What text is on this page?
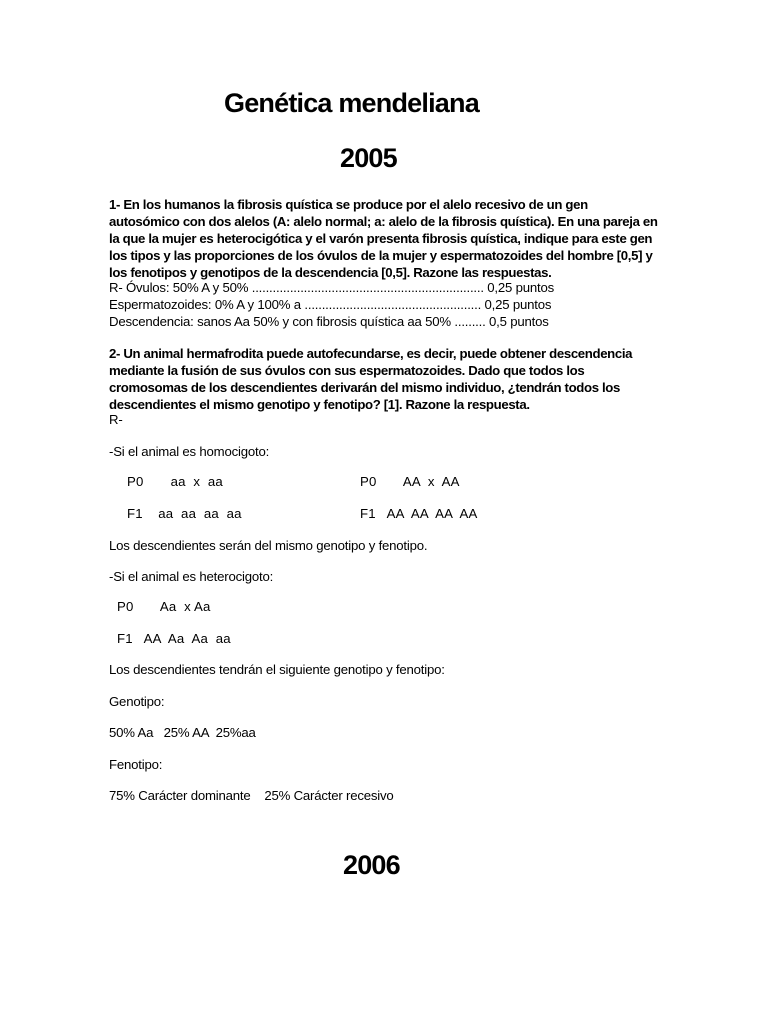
Genética mendeliana
2005

1- En los humanos la fibrosis quística se produce por el alelo recesivo de un gen autosómico con dos alelos (A: alelo normal; a: alelo de la fibrosis quística). En una pareja en la que la mujer es heterocigótica y el varón presenta fibrosis quística, indique para este gen los tipos y las proporciones de los óvulos de la mujer y espermatozoides del hombre [0,5] y los fenotipos y genotipos de la descendencia [0,5]. Razone las respuestas.

R- Óvulos: 50% A y 50% ................................................................... 0,25 puntos
Espermatozoides: 0% A y 100% a ................................................... 0,25 puntos
Descendencia: sanos Aa 50% y con fibrosis quística aa 50% ......... 0,5 puntos

2- Un animal hermafrodita puede autofecundarse, es decir, puede obtener descendencia mediante la fusión de sus óvulos con sus espermatozoides. Dado que todos los cromosomas de los descendientes derivarán del mismo individuo, ¿tendrán todos los descendientes el mismo genotipo y fenotipo? [1]. Razone la respuesta.

R-
-Si el animal es homocigoto:
P0       aa  x  aa	P0       AA  x  AA
F1    aa  aa  aa  aa	F1   AA  AA  AA  AA
Los descendientes serán del mismo genotipo y fenotipo.
-Si el animal es heterocigoto:
P0       Aa  x Aa
F1   AA  Aa  Aa  aa
Los descendientes tendrán el siguiente genotipo y fenotipo:
Genotipo:
50% Aa   25% AA  25%aa
Fenotipo:
75% Carácter dominante    25% Carácter recesivo
2006
